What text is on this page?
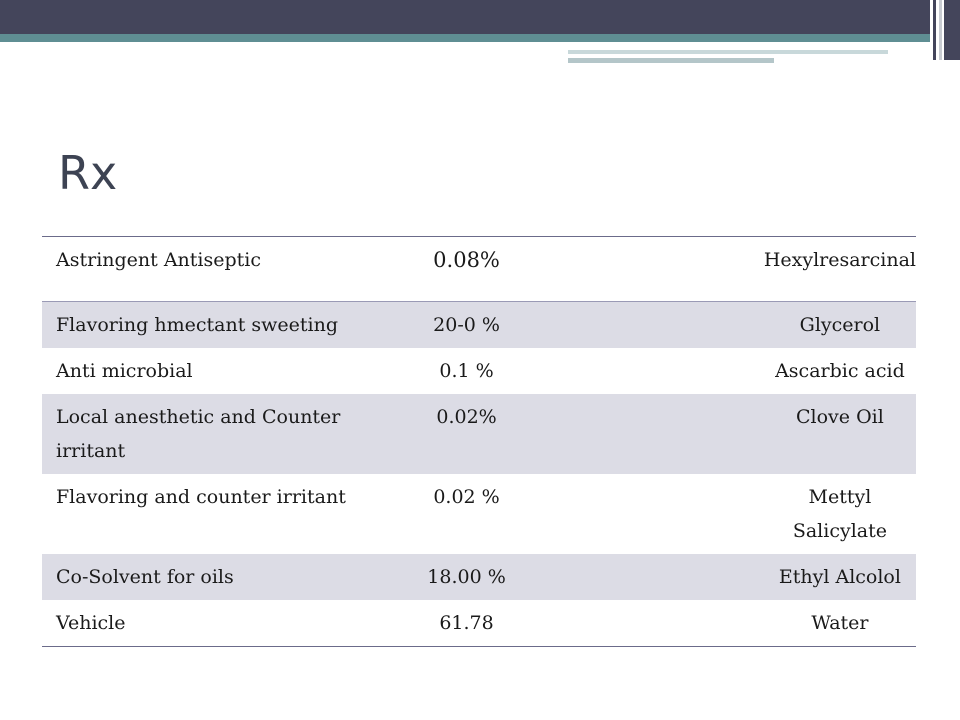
Rx
Astringent Antiseptic	0.08%	Hexylresarcinal
Flavoring hmectant sweeting	20-0 %	Glycerol
Anti microbial	0.1 %	Ascarbic acid
Local anesthetic and Counter irritant	0.02%	Clove Oil
Flavoring and counter irritant	0.02 %	Mettyl Salicylate
Co-Solvent for oils	18.00 %	Ethyl Alcolol
Vehicle	61.78	Water
